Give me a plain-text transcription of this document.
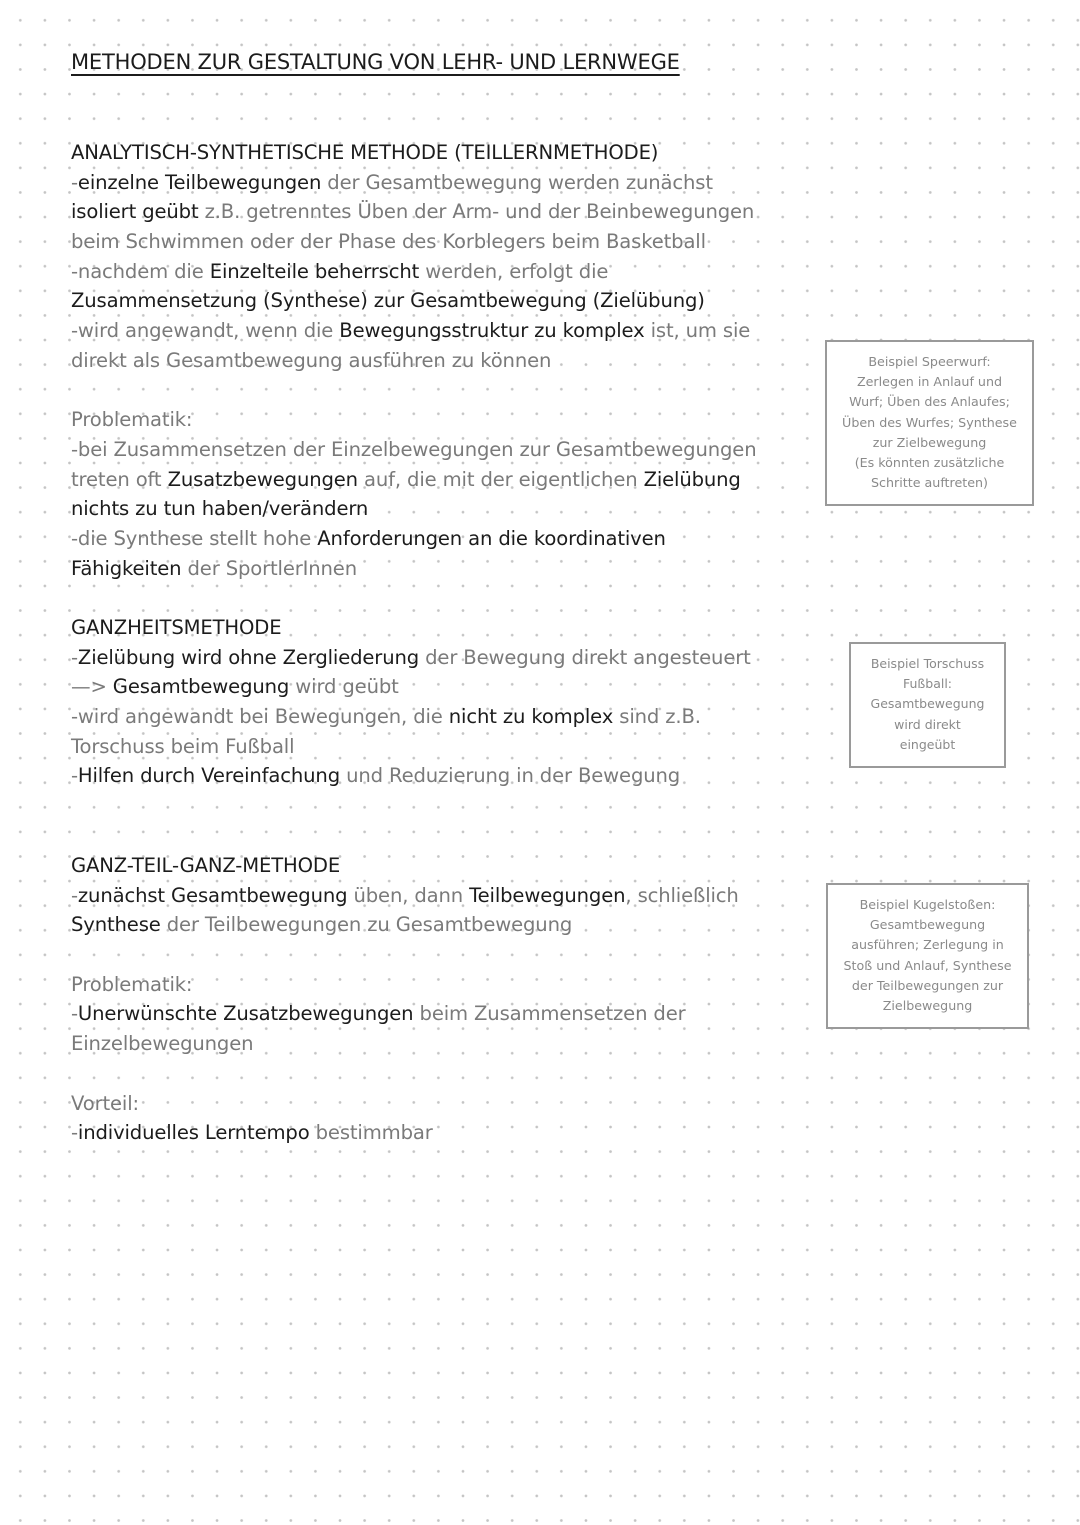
METHODEN ZUR GESTALTUNG VON LEHR- UND LERNWEGE
ANALYTISCH-SYNTHETISCHE METHODE (TEILLERNMETHODE)
-einzelne Teilbewegungen der Gesamtbewegung werden zunächst
isoliert geübt z.B. getrenntes Üben der Arm- und der Beinbewegungen
beim Schwimmen oder der Phase des Korblegers beim Basketball
-nachdem die Einzelteile beherrscht werden, erfolgt die
Zusammensetzung (Synthese) zur Gesamtbewegung (Zielübung)
-wird angewandt, wenn die Bewegungsstruktur zu komplex ist, um sie
direkt als Gesamtbewegung ausführen zu können
Problematik:
-bei Zusammensetzen der Einzelbewegungen zur Gesamtbewegungen
treten oft Zusatzbewegungen auf, die mit der eigentlichen Zielübung
nichts zu tun haben/verändern
-die Synthese stellt hohe Anforderungen an die koordinativen
Fähigkeiten der SportlerInnen
GANZHEITSMETHODE
-Zielübung wird ohne Zergliederung der Bewegung direkt angesteuert
—> Gesamtbewegung wird geübt
-wird angewandt bei Bewegungen, die nicht zu komplex sind z.B.
Torschuss beim Fußball
-Hilfen durch Vereinfachung und Reduzierung in der Bewegung
GANZ-TEIL-GANZ-METHODE
-zunächst Gesamtbewegung üben, dann Teilbewegungen, schließlich
Synthese der Teilbewegungen zu Gesamtbewegung
Problematik:
-Unerwünschte Zusatzbewegungen beim Zusammensetzen der
Einzelbewegungen
Vorteil:
-individuelles Lerntempo bestimmbar
Beispiel Speerwurf:
Zerlegen in Anlauf und
Wurf; Üben des Anlaufes;
Üben des Wurfes; Synthese
zur Zielbewegung
(Es könnten zusätzliche
Schritte auftreten)
Beispiel Torschuss
Fußball:
Gesamtbewegung
wird direkt
eingeübt
Beispiel Kugelstoßen:
Gesamtbewegung
ausführen; Zerlegung in
Stoß und Anlauf, Synthese
der Teilbewegungen zur
Zielbewegung
